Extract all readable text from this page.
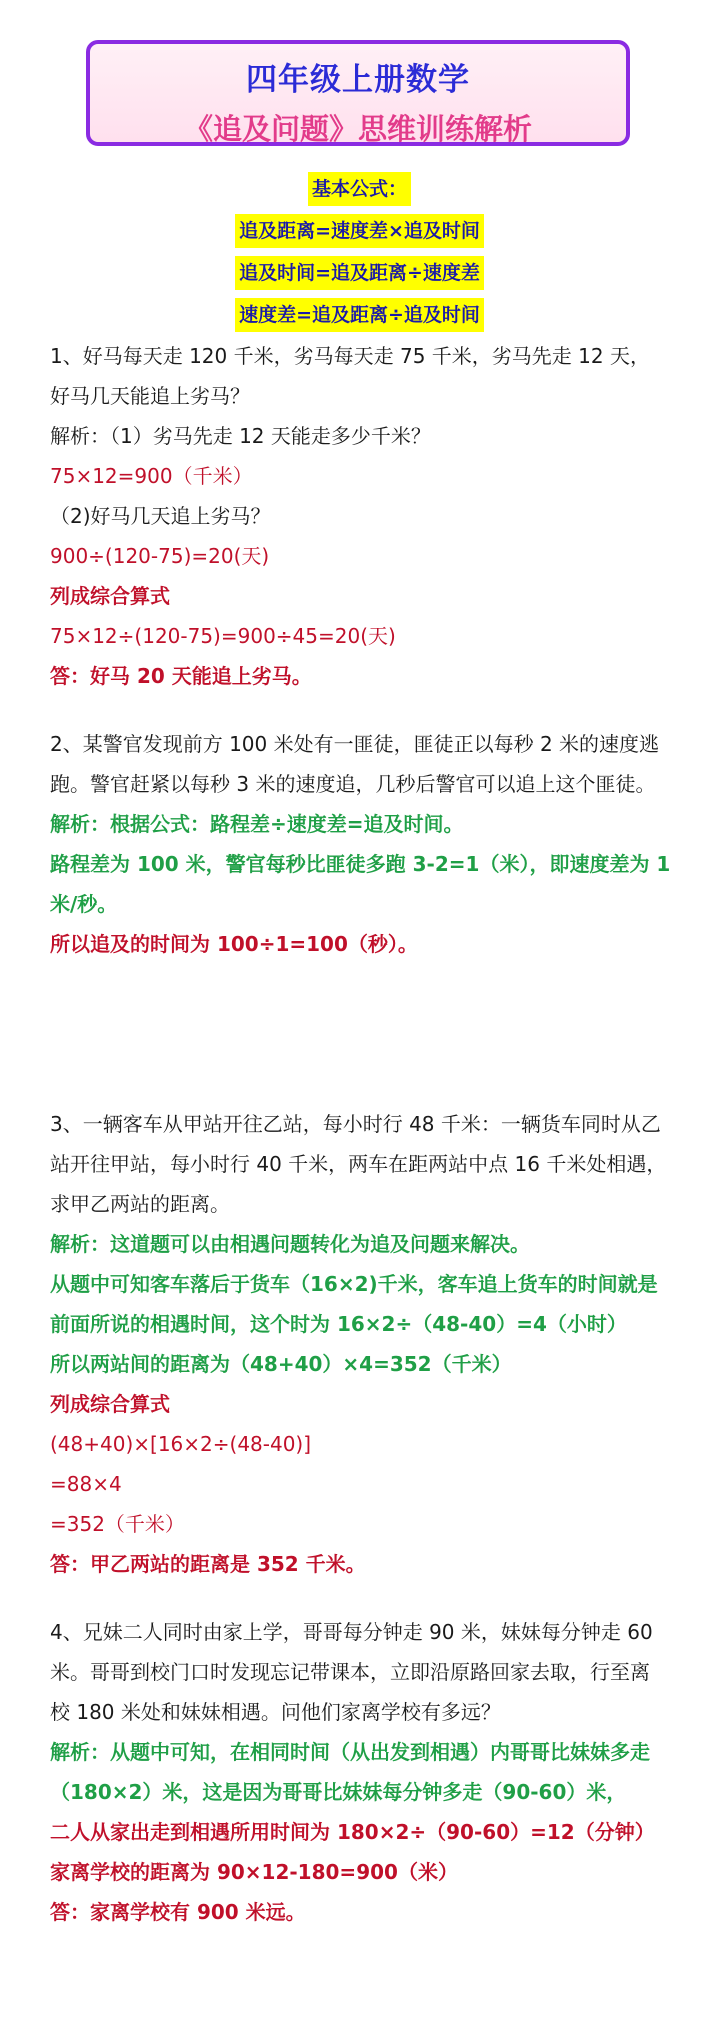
四年级上册数学
《追及问题》思维训练解析
基本公式：
追及距离=速度差×追及时间
追及时间=追及距离÷速度差
速度差=追及距离÷追及时间

1、好马每天走 120 千米，劣马每天走 75 千米，劣马先走 12 天，

好马几天能追上劣马？

解析：（1）劣马先走 12 天能走多少千米？

75×12=900（千米）

（2)好马几天追上劣马？

900÷(120-75)=20(天)

列成综合算式

75×12÷(120-75)=900÷45=20(天)

答：好马 20 天能追上劣马。

2、某警官发现前方 100 米处有一匪徒，匪徒正以每秒 2 米的速度逃

跑。警官赶紧以每秒 3 米的速度追，几秒后警官可以追上这个匪徒。

解析：根据公式：路程差÷速度差=追及时间。

路程差为 100 米，警官每秒比匪徒多跑 3-2=1（米），即速度差为 1

米/秒。

所以追及的时间为 100÷1=100（秒）。

3、一辆客车从甲站开往乙站，每小时行 48 千米：一辆货车同时从乙

站开往甲站，每小时行 40 千米，两车在距两站中点 16 千米处相遇，

求甲乙两站的距离。

解析：这道题可以由相遇问题转化为追及问题来解决。

从题中可知客车落后于货车（16×2)千米，客车追上货车的时间就是

前面所说的相遇时间，这个时为 16×2÷（48-40）=4（小时）

所以两站间的距离为（48+40）×4=352（千米）

列成综合算式

(48+40)×[16×2÷(48-40)]

=88×4

=352（千米）

答：甲乙两站的距离是 352 千米。

4、兄妹二人同时由家上学，哥哥每分钟走 90 米，妹妹每分钟走 60

米。哥哥到校门口时发现忘记带课本，立即沿原路回家去取，行至离

校 180 米处和妹妹相遇。问他们家离学校有多远？

解析：从题中可知，在相同时间（从出发到相遇）内哥哥比妹妹多走

（180×2）米，这是因为哥哥比妹妹每分钟多走（90-60）米，

二人从家出走到相遇所用时间为 180×2÷（90-60）=12（分钟）

家离学校的距离为 90×12-180=900（米）

答：家离学校有 900 米远。
